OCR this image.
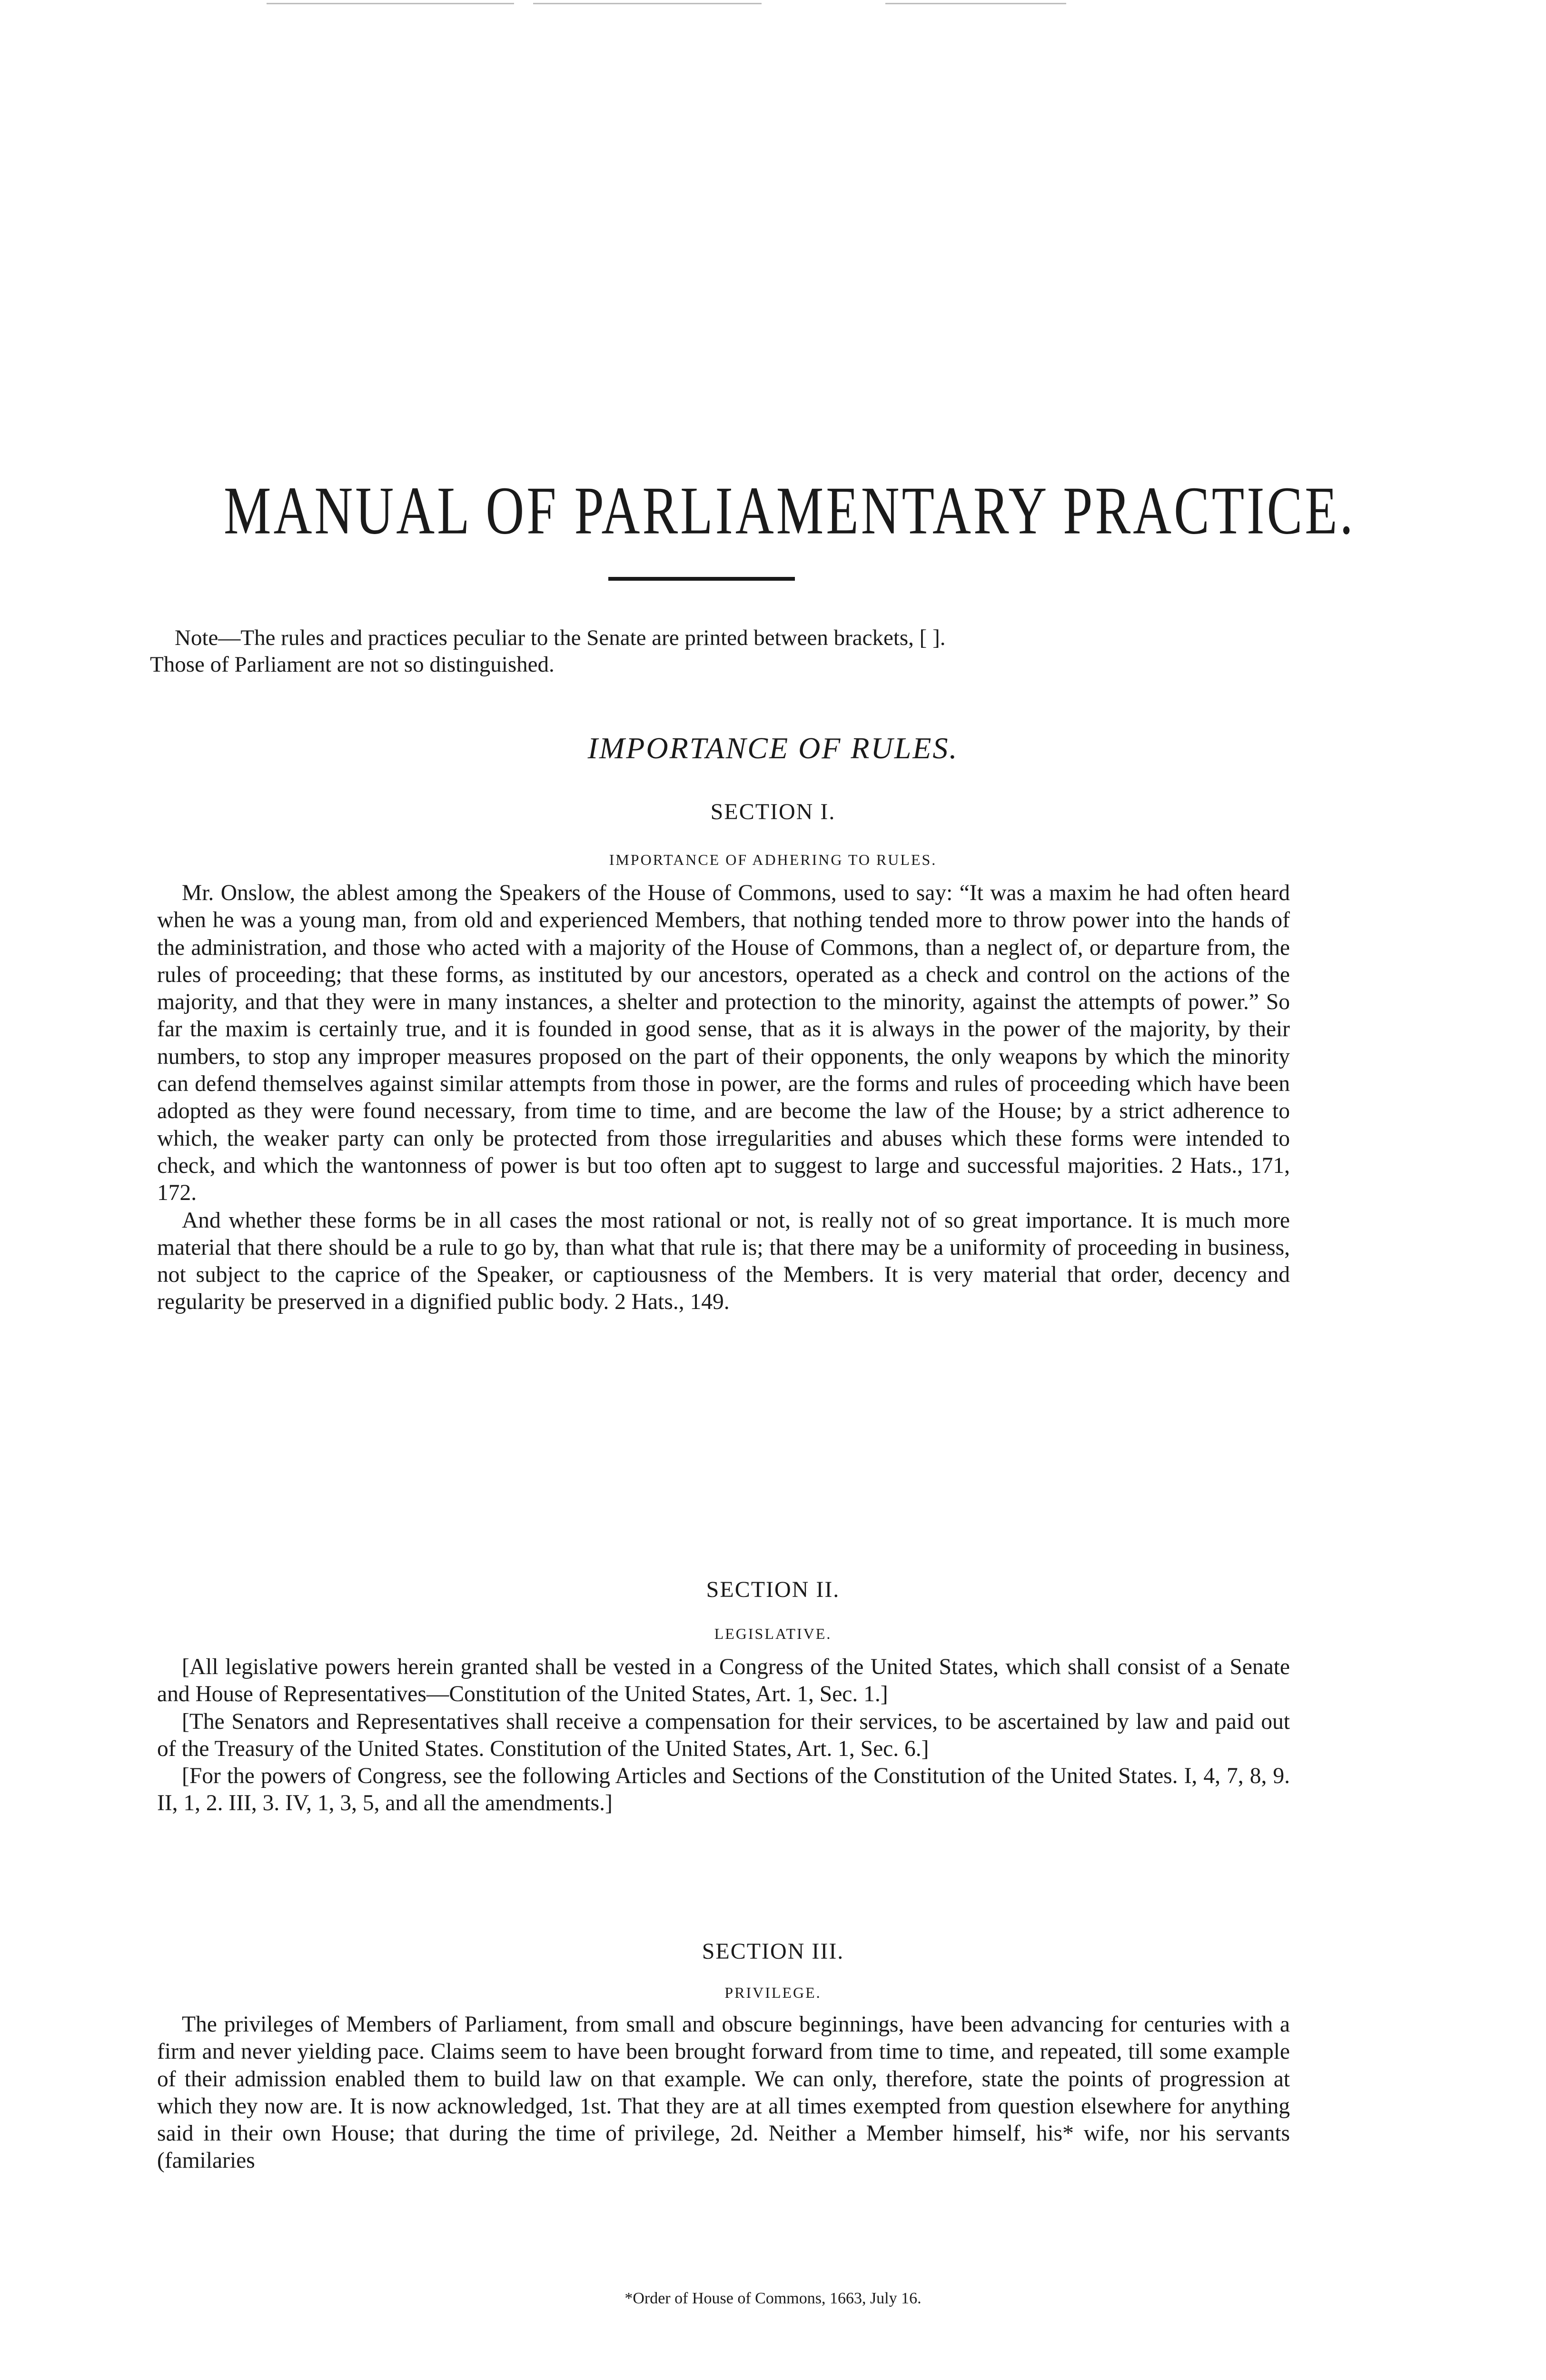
MANUAL OF PARLIAMENTARY PRACTICE.

Note—The rules and practices peculiar to the Senate are printed between brackets, [ ].

Those of Parliament are not so distinguished.

IMPORTANCE OF RULES.
SECTION I.
IMPORTANCE OF ADHERING TO RULES.

Mr. Onslow, the ablest among the Speakers of the House of Commons, used to say: “It was a maxim he had often heard when he was a young man, from old and experienced Members, that nothing tended more to throw power into the hands of the administration, and those who acted with a majority of the House of Commons, than a neglect of, or departure from, the rules of proceeding; that these forms, as instituted by our ancestors, operated as a check and control on the actions of the majority, and that they were in many instances, a shelter and protection to the minority, against the attempts of power.” So far the maxim is certainly true, and it is founded in good sense, that as it is always in the power of the majority, by their numbers, to stop any improper measures proposed on the part of their opponents, the only weapons by which the minority can defend themselves against similar attempts from those in power, are the forms and rules of proceeding which have been adopted as they were found necessary, from time to time, and are become the law of the House; by a strict adherence to which, the weaker party can only be protected from those irregularities and abuses which these forms were intended to check, and which the wantonness of power is but too often apt to suggest to large and successful majorities. 2 Hats., 171, 172.

And whether these forms be in all cases the most rational or not, is really not of so great importance. It is much more material that there should be a rule to go by, than what that rule is; that there may be a uniformity of proceeding in business, not subject to the caprice of the Speaker, or captiousness of the Members. It is very material that order, decency and regularity be preserved in a dignified public body. 2 Hats., 149.

SECTION II.
LEGISLATIVE.

[All legislative powers herein granted shall be vested in a Congress of the United States, which shall consist of a Senate and House of Representatives—Constitution of the United States, Art. 1, Sec. 1.]

[The Senators and Representatives shall receive a compensation for their services, to be ascertained by law and paid out of the Treasury of the United States. Constitution of the United States, Art. 1, Sec. 6.]

[For the powers of Congress, see the following Articles and Sections of the Constitution of the United States. I, 4, 7, 8, 9. II, 1, 2. III, 3. IV, 1, 3, 5, and all the amendments.]

SECTION III.
PRIVILEGE.

The privileges of Members of Parliament, from small and obscure beginnings, have been advancing for centuries with a firm and never yielding pace. Claims seem to have been brought forward from time to time, and repeated, till some example of their admission enabled them to build law on that example. We can only, therefore, state the points of progression at which they now are. It is now acknowledged, 1st. That they are at all times exempted from question elsewhere for anything said in their own House; that during the time of privilege, 2d. Neither a Member himself, his* wife, nor his servants (familaries

*Order of House of Commons, 1663, July 16.
